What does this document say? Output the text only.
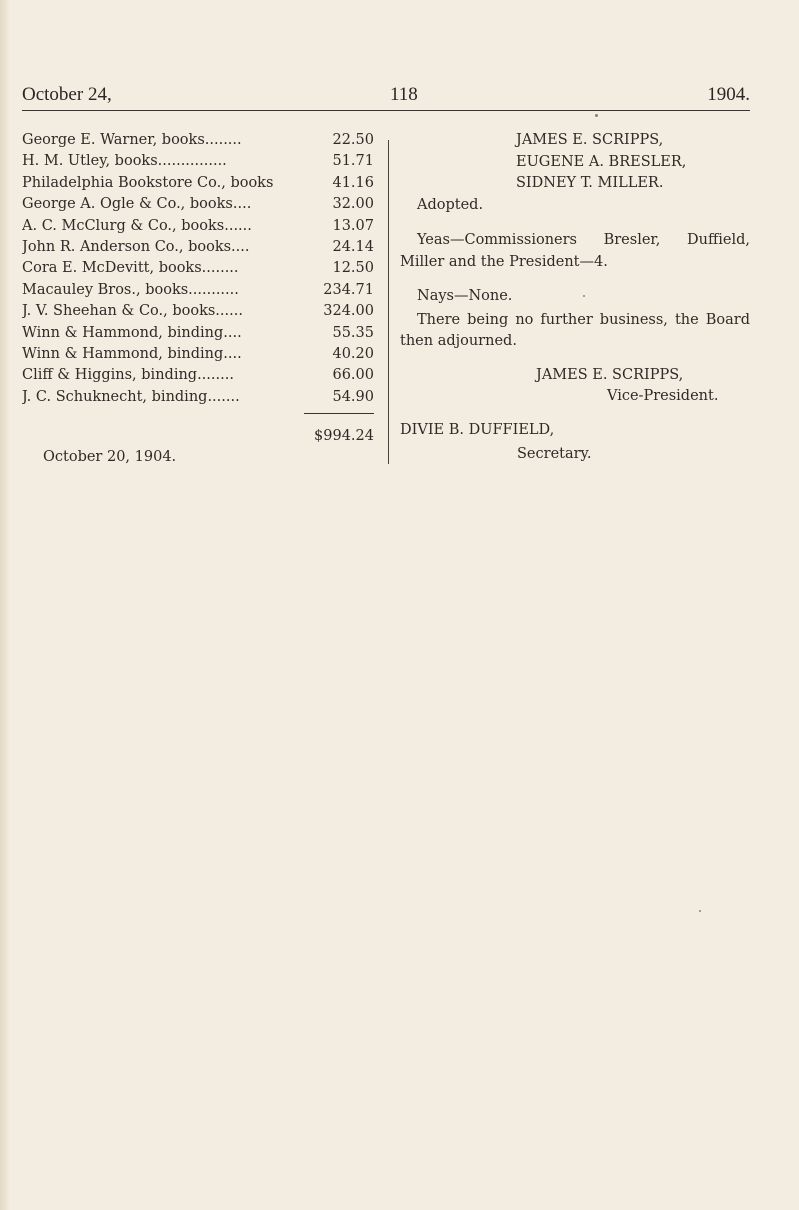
October 24,	118	1904.
George E. Warner, books........	22.50
H. M. Utley, books...............	51.71
Philadelphia Bookstore Co., books	41.16
George A. Ogle & Co., books....	32.00
A. C. McClurg & Co., books......	13.07
John R. Anderson Co., books....	24.14
Cora E. McDevitt, books........	12.50
Macauley Bros., books...........	234.71
J. V. Sheehan & Co., books......	324.00
Winn & Hammond, binding....	55.35
Winn & Hammond, binding....	40.20
Cliff & Higgins, binding........	66.00
J. C. Schuknecht, binding.......	54.90
$994.24
October 20, 1904.
JAMES E. SCRIPPS,
EUGENE A. BRESLER,
SIDNEY T. MILLER.
Adopted.

Yeas—Commissioners Bresler, Duffield, Miller and the President—4.

Nays—None.

There being no further business, the Board then adjourned.

JAMES E. SCRIPPS,
Vice-President.
DIVIE B. DUFFIELD,
Secretary.
